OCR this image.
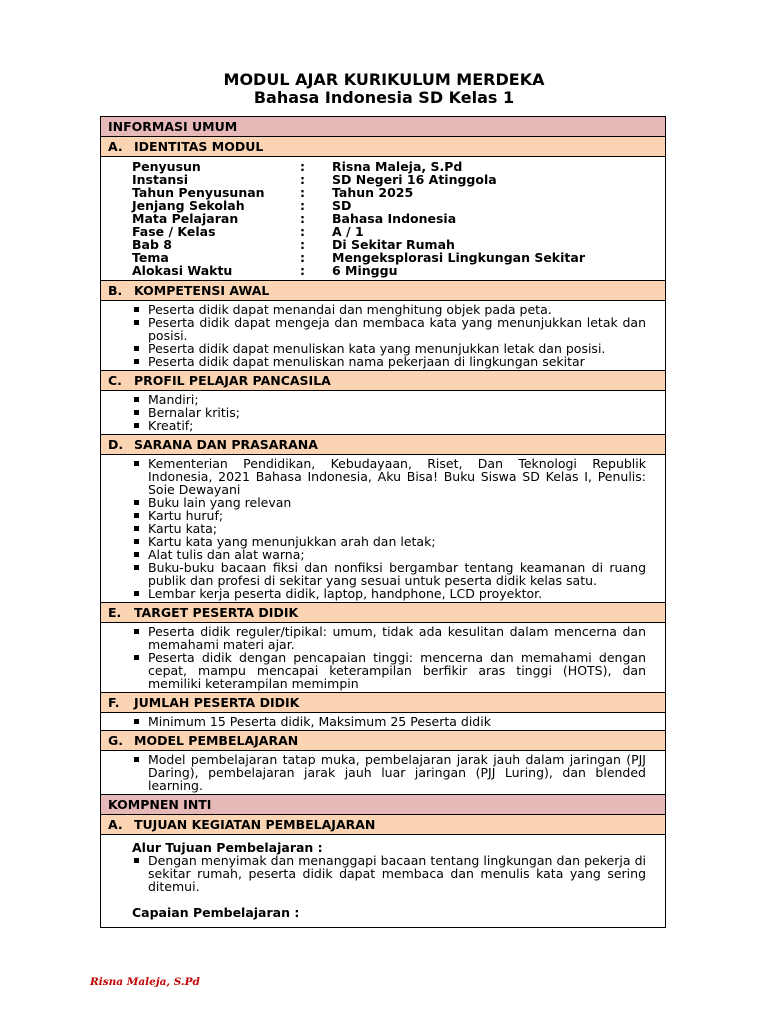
MODUL AJAR KURIKULUM MERDEKA
Bahasa Indonesia SD Kelas 1
INFORMASI UMUM
A. IDENTITAS MODUL
Penyusun	:	Risna Maleja, S.Pd
Instansi	:	SD Negeri 16 Atinggola
Tahun Penyusunan	:	Tahun 2025
Jenjang Sekolah	:	SD
Mata Pelajaran	:	Bahasa Indonesia
Fase / Kelas	:	A / 1
Bab 8	:	Di Sekitar Rumah
Tema	:	Mengeksplorasi Lingkungan Sekitar
Alokasi Waktu	:	6 Minggu
B. KOMPETENSI AWAL
Peserta didik dapat menandai dan menghitung objek pada peta.
Peserta didik dapat mengeja dan membaca kata yang menunjukkan letak dan posisi.
Peserta didik dapat menuliskan kata yang menunjukkan letak dan posisi.
Peserta didik dapat menuliskan nama pekerjaan di lingkungan sekitar
C. PROFIL PELAJAR PANCASILA
Mandiri;
Bernalar kritis;
Kreatif;
D. SARANA DAN PRASARANA
Kementerian Pendidikan, Kebudayaan, Riset, Dan Teknologi Republik Indonesia, 2021 Bahasa Indonesia, Aku Bisa! Buku Siswa SD Kelas I, Penulis: Soie Dewayani
Buku lain yang relevan
Kartu huruf;
Kartu kata;
Kartu kata yang menunjukkan arah dan letak;
Alat tulis dan alat warna;
Buku-buku bacaan fiksi dan nonfiksi bergambar tentang keamanan di ruang publik dan profesi di sekitar yang sesuai untuk peserta didik kelas satu.
Lembar kerja peserta didik, laptop, handphone, LCD proyektor.
E. TARGET PESERTA DIDIK
Peserta didik reguler/tipikal: umum, tidak ada kesulitan dalam mencerna dan memahami materi ajar.
Peserta didik dengan pencapaian tinggi: mencerna dan memahami dengan cepat, mampu mencapai keterampilan berfikir aras tinggi (HOTS), dan memiliki keterampilan memimpin
F. JUMLAH PESERTA DIDIK
Minimum 15 Peserta didik, Maksimum 25 Peserta didik
G. MODEL PEMBELAJARAN
Model pembelajaran tatap muka, pembelajaran jarak jauh dalam jaringan (PJJ Daring), pembelajaran jarak jauh luar jaringan (PJJ Luring), dan blended learning.
KOMPNEN INTI
A. TUJUAN KEGIATAN PEMBELAJARAN
Alur Tujuan Pembelajaran :
Dengan menyimak dan menanggapi bacaan tentang lingkungan dan pekerja di sekitar rumah, peserta didik dapat membaca dan menulis kata yang sering ditemui.
Capaian Pembelajaran :
Risna Maleja, S.Pd
